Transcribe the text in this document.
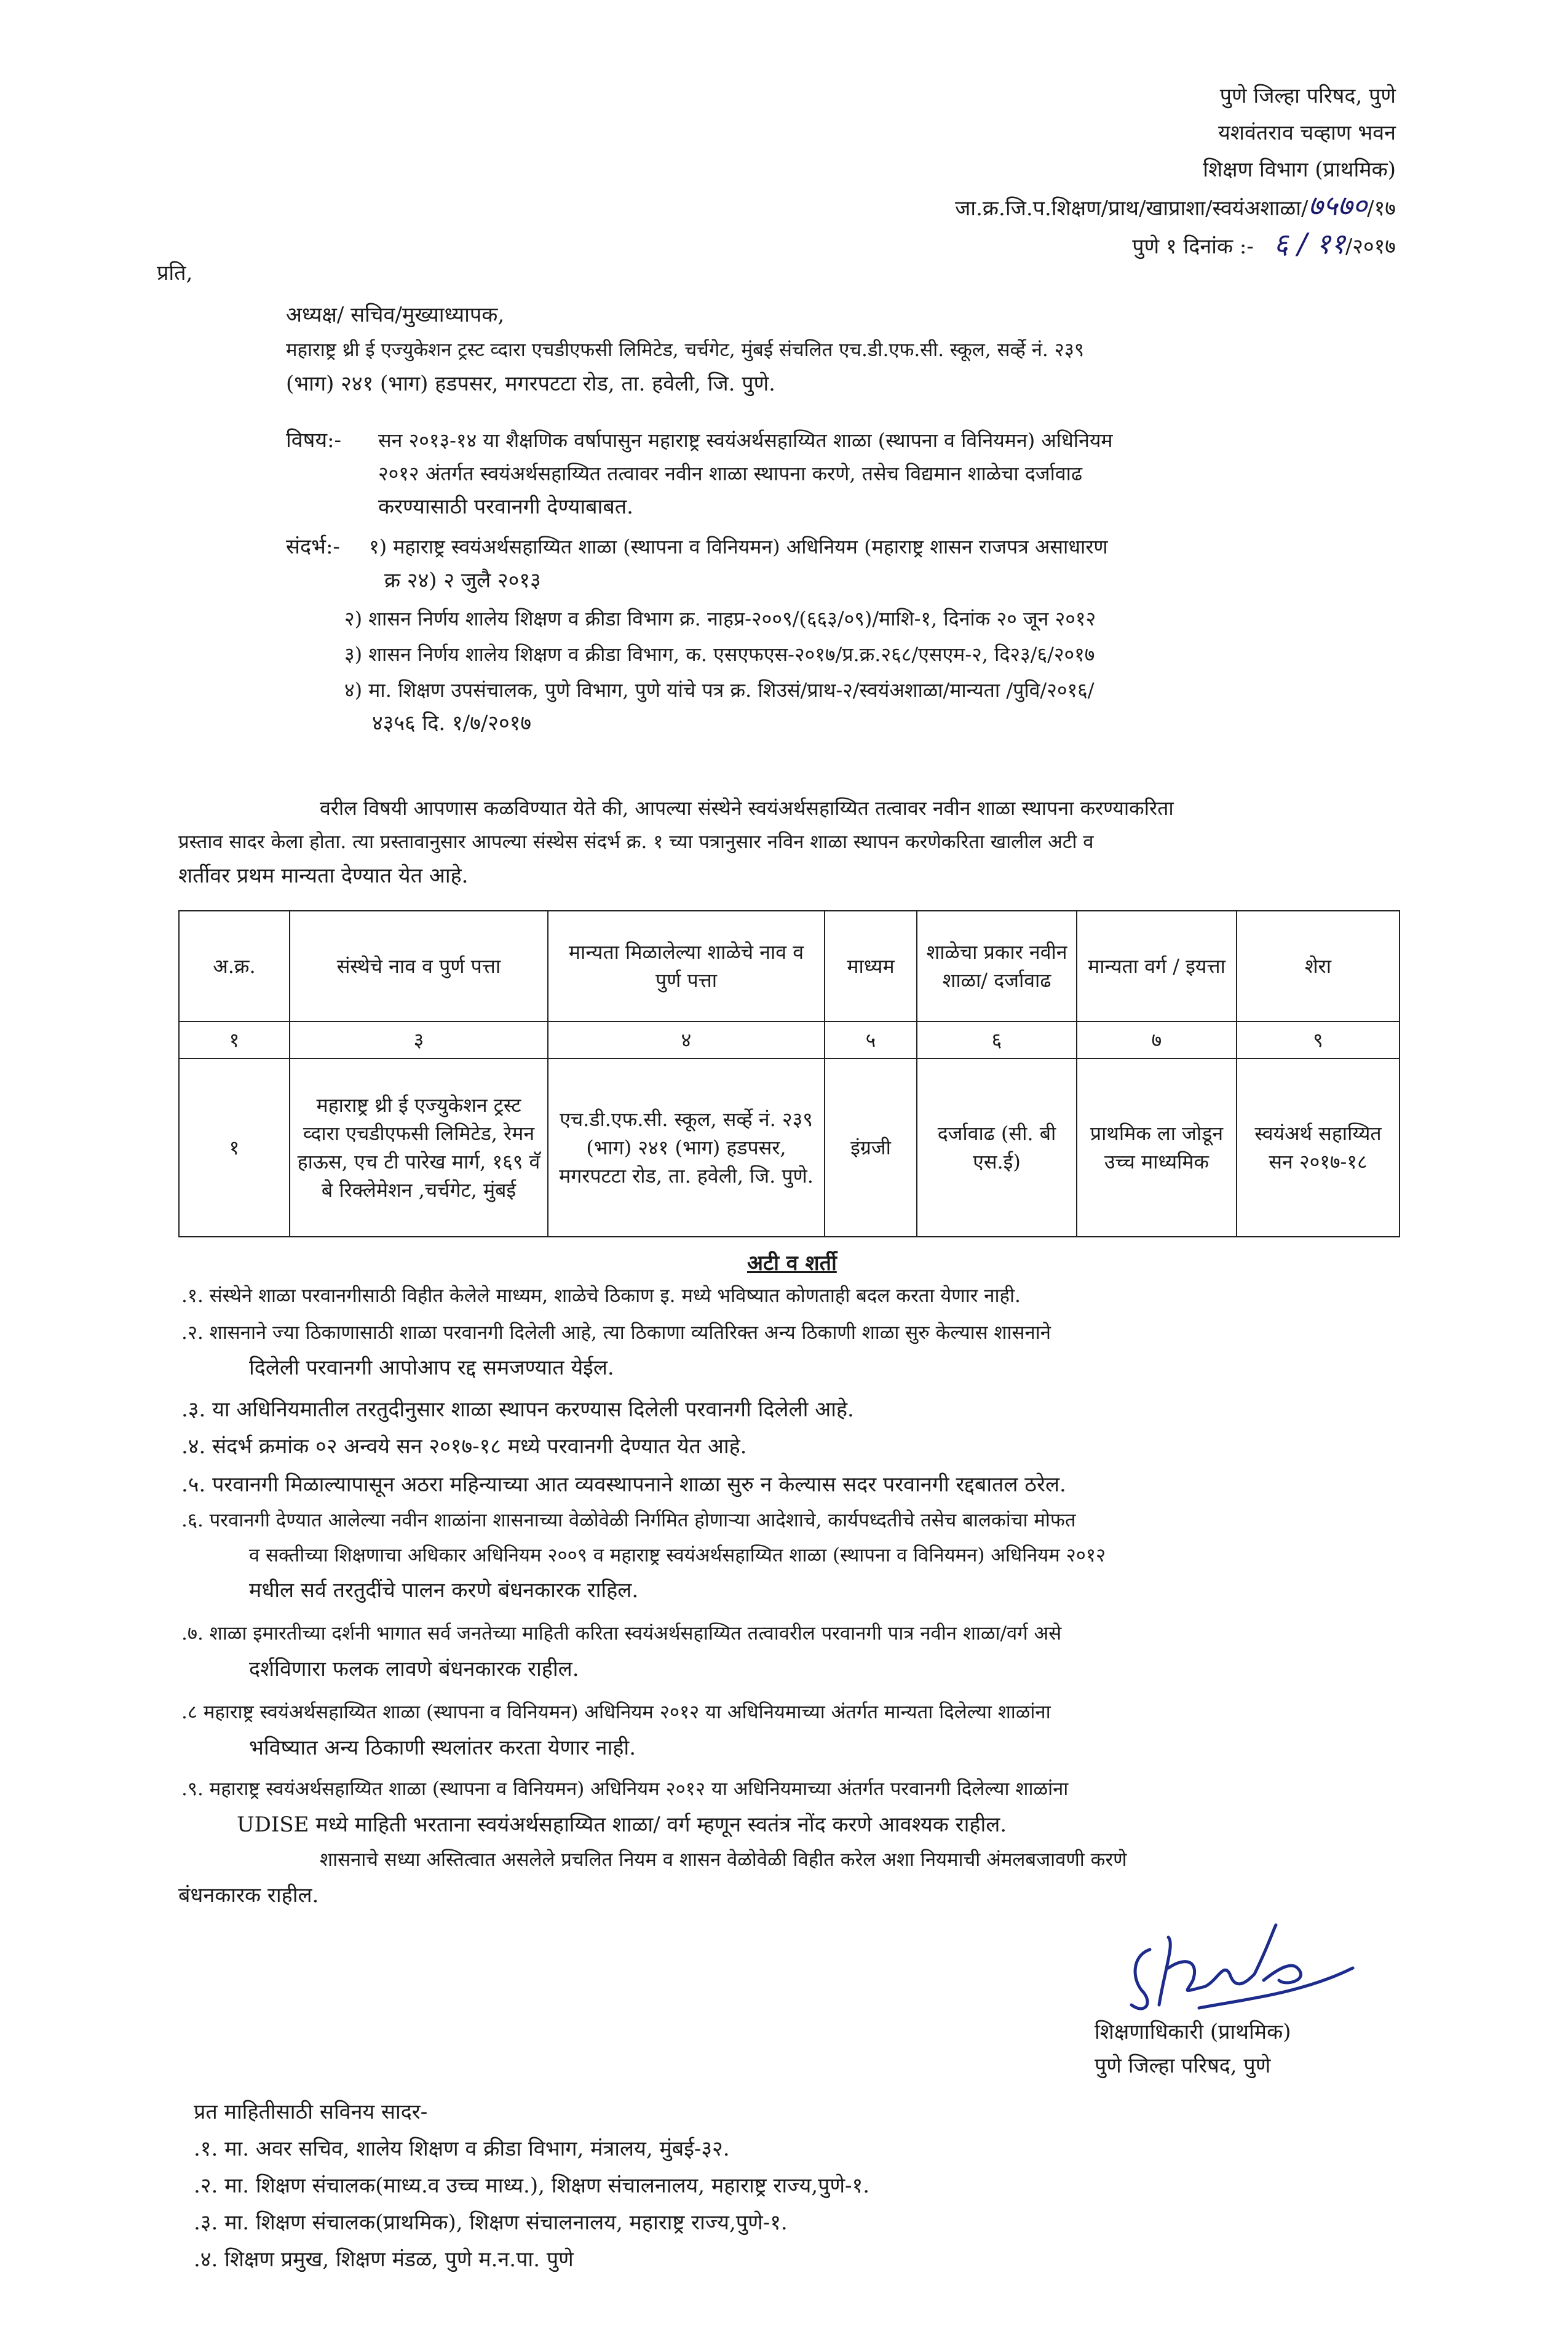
पुणे जिल्हा परिषद, पुणे
यशवंतराव चव्हाण भवन
शिक्षण विभाग (प्राथमिक)
जा.क्र.जि.प.शिक्षण/प्राथ/खाप्राशा/स्वयंअशाळा/७५७०/१७
पुणे १ दिनांक :- ६ / ११/२०१७
प्रति,
अध्यक्ष/ सचिव/मुख्याध्यापक,
महाराष्ट्र थ्री ई एज्युकेशन ट्रस्ट व्दारा एचडीएफसी लिमिटेड, चर्चगेट, मुंबई संचलित एच.डी.एफ.सी. स्कूल, सर्व्हे नं. २३९
(भाग) २४१ (भाग) हडपसर, मगरपटटा रोड, ता. हवेली, जि. पुणे.
विषय:- सन २०१३-१४ या शैक्षणिक वर्षापासुन महाराष्ट्र स्वयंअर्थसहाय्यित शाळा (स्थापना व विनियमन) अधिनियम
२०१२ अंतर्गत स्वयंअर्थसहाय्यित तत्वावर नवीन शाळा स्थापना करणे, तसेच विद्यमान शाळेचा दर्जावाढ
करण्यासाठी परवानगी देण्याबाबत.
संदर्भ:- १) महाराष्ट्र स्वयंअर्थसहाय्यित शाळा (स्थापना व विनियमन) अधिनियम (महाराष्ट्र शासन राजपत्र असाधारण
क्र २४) २ जुलै २०१३
२) शासन निर्णय शालेय शिक्षण व क्रीडा विभाग क्र. नाहप्र-२००९/(६६३/०९)/माशि-१, दिनांक २० जून २०१२
३) शासन निर्णय शालेय शिक्षण व क्रीडा विभाग, क. एसएफएस-२०१७/प्र.क्र.२६८/एसएम-२, दि२३/६/२०१७
४) मा. शिक्षण उपसंचालक, पुणे विभाग, पुणे यांचे पत्र क्र. शिउसं/प्राथ-२/स्वयंअशाळा/मान्यता /पुवि/२०१६/
४३५६ दि. १/७/२०१७
वरील विषयी आपणास कळविण्यात येते की, आपल्या संस्थेने स्वयंअर्थसहाय्यित तत्वावर नवीन शाळा स्थापना करण्याकरिता
प्रस्ताव सादर केला होता. त्या प्रस्तावानुसार आपल्या संस्थेस संदर्भ क्र. १ च्या पत्रानुसार नविन शाळा स्थापन करणेकरिता खालील अटी व
शर्तीवर प्रथम मान्यता देण्यात येत आहे.
अ.क्र.	संस्थेचे नाव व पुर्ण पत्ता	मान्यता मिळालेल्या शाळेचे नाव व पुर्ण पत्ता	माध्यम	शाळेचा प्रकार नवीन शाळा/ दर्जावाढ	मान्यता वर्ग / इयत्ता	शेरा
१	३	४	५	६	७	९
१	महाराष्ट्र थ्री ई एज्युकेशन ट्रस्ट व्दारा एचडीएफसी लिमिटेड, रेमन हाऊस, एच टी पारेख मार्ग, १६९ वॅ बे रिक्लेमेशन ,चर्चगेट, मुंबई	एच.डी.एफ.सी. स्कूल, सर्व्हे नं. २३९ (भाग) २४१ (भाग) हडपसर, मगरपटटा रोड, ता. हवेली, जि. पुणे.	इंग्रजी	दर्जावाढ (सी. बी एस.ई)	प्राथमिक ला जोडून उच्च माध्यमिक	स्वयंअर्थ सहाय्यित सन २०१७-१८
अटी व शर्ती
.१. संस्थेने शाळा परवानगीसाठी विहीत केलेले माध्यम, शाळेचे ठिकाण इ. मध्ये भविष्यात कोणताही बदल करता येणार नाही.
.२. शासनाने ज्या ठिकाणासाठी शाळा परवानगी दिलेली आहे, त्या ठिकाणा व्यतिरिक्त अन्य ठिकाणी शाळा सुरु केल्यास शासनाने
दिलेली परवानगी आपोआप रद्द समजण्यात येईल.
.३. या अधिनियमातील तरतुदीनुसार शाळा स्थापन करण्यास दिलेली परवानगी दिलेली आहे.
.४. संदर्भ क्रमांक ०२ अन्वये सन २०१७-१८ मध्ये परवानगी देण्यात येत आहे.
.५. परवानगी मिळाल्यापासून अठरा महिन्याच्या आत व्यवस्थापनाने शाळा सुरु न केल्यास सदर परवानगी रद्दबातल ठरेल.
.६. परवानगी देण्यात आलेल्या नवीन शाळांना शासनाच्या वेळोवेळी निर्गमित होणाऱ्या आदेशाचे, कार्यपध्दतीचे तसेच बालकांचा मोफत
व सक्तीच्या शिक्षणाचा अधिकार अधिनियम २००९ व महाराष्ट्र स्वयंअर्थसहाय्यित शाळा (स्थापना व विनियमन) अधिनियम २०१२
मधील सर्व तरतुदींचे पालन करणे बंधनकारक राहिल.
.७. शाळा इमारतीच्या दर्शनी भागात सर्व जनतेच्या माहिती करिता स्वयंअर्थसहाय्यित तत्वावरील परवानगी पात्र नवीन शाळा/वर्ग असे
दर्शविणारा फलक लावणे बंधनकारक राहील.
.८ महाराष्ट्र स्वयंअर्थसहाय्यित शाळा (स्थापना व विनियमन) अधिनियम २०१२ या अधिनियमाच्या अंतर्गत मान्यता दिलेल्या शाळांना
भविष्यात अन्य ठिकाणी स्थलांतर करता येणार नाही.
.९. महाराष्ट्र स्वयंअर्थसहाय्यित शाळा (स्थापना व विनियमन) अधिनियम २०१२ या अधिनियमाच्या अंतर्गत परवानगी दिलेल्या शाळांना
UDISE मध्ये माहिती भरताना स्वयंअर्थसहाय्यित शाळा/ वर्ग म्हणून स्वतंत्र नोंद करणे आवश्यक राहील.
शासनाचे सध्या अस्तित्वात असलेले प्रचलित नियम व शासन वेळोवेळी विहीत करेल अशा नियमाची अंमलबजावणी करणे
बंधनकारक राहील.
शिक्षणाधिकारी (प्राथमिक)
पुणे जिल्हा परिषद, पुणे
प्रत माहितीसाठी सविनय सादर-
.१. मा. अवर सचिव, शालेय शिक्षण व क्रीडा विभाग, मंत्रालय, मुंबई-३२.
.२. मा. शिक्षण संचालक(माध्य.व उच्च माध्य.), शिक्षण संचालनालय, महाराष्ट्र राज्य,पुणे-१.
.३. मा. शिक्षण संचालक(प्राथमिक), शिक्षण संचालनालय, महाराष्ट्र राज्य,पुणे-१.
.४. शिक्षण प्रमुख, शिक्षण मंडळ, पुणे म.न.पा. पुणे
